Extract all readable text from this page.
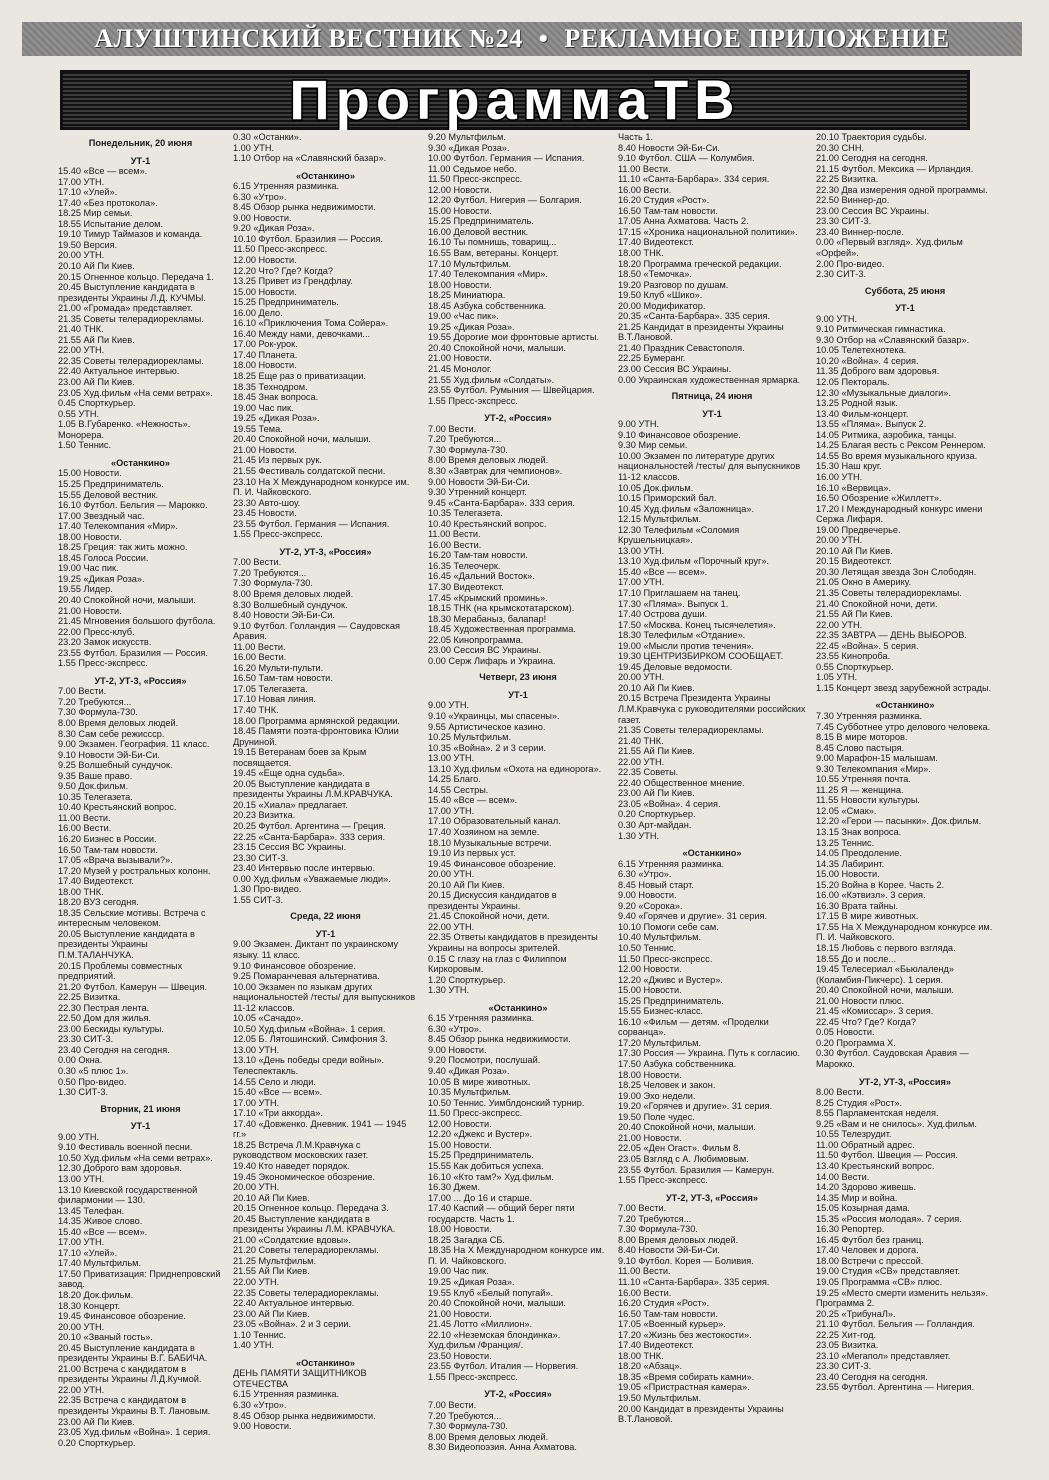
АЛУШТИНСКИЙ ВЕСТНИК №24 • РЕКЛАМНОЕ ПРИЛОЖЕНИЕ
ПрограммаТВ
Понедельник, 20 июня
УТ-1
15.40 «Все — всем».
17.00 УТН.
17.10 «Улей».
17.40 «Без протокола».
18.25 Мир семьи.
18.55 Испытание делом.
19.10 Тимур Таймазов и команда.
19.50 Версия.
20.00 УТН.
20.10 Ай Пи Киев.
20.15 Огненное кольцо. Передача 1.
20.45 Выступление кандидата в президенты Украины Л.Д. КУЧМЫ.
21.00 «Громада» представляет.
21.35 Советы телерадиорекламы.
21.40 ТНК.
21.55 Ай Пи Киев.
22.00 УТН.
22.35 Советы телерадиорекламы.
22.40 Актуальное интервью.
23.00 Ай Пи Киев.
23.05 Худ.фильм «На семи ветрах».
0.45 Спорткурьер.
0.55 УТН.
1.05 В.Губаренко. «Нежность». Монорера.
1.50 Теннис.
«Останкино»
15.00 Новости.
15.25 Предприниматель.
15.55 Деловой вестник.
16.10 Футбол. Бельгия — Марокко.
17.00 Звездный час.
17.40 Телекомпания «Мир».
18.00 Новости.
18.25 Греция: так жить можно.
18.45 Голоса России.
19.00 Час пик.
19.25 «Дикая Роза».
19.55 Лидер.
20.40 Спокойной ночи, малыши.
21.00 Новости.
21.45 Мгновения большого футбола.
22.00 Пресс-клуб.
23.20 Замок искусств.
23.55 Футбол. Бразилия — Россия.
1.55 Пресс-экспресс.
УТ-2, УТ-3, «Россия»
7.00 Вести.
7.20 Требуются...
7.30 Формула-730.
8.00 Время деловых людей.
8.30 Сам себе режиссср.
9.00 Экзамен. География. 11 класс.
9.10 Новости Эй-Би-Си.
9.25 Волшебный сундучок.
9.35 Ваше право.
9.50 Док.фильм.
10.35 Телегазета.
10.40 Крестьянский вопрос.
11.00 Вести.
16.00 Вести.
16.20 Бизнес в России.
16.50 Там-там новости.
17.05 «Врача вызывали?».
17.20 Музей у ростральных колонн.
17.40 Видеотекст.
18.00 ТНК.
18.20 ВУЗ сегодня.
18.35 Сельские мотивы. Встреча с интересным человеком.
20.05 Выступление кандидата в президенты Украины П.М.ТАЛАНЧУКА.
20.15 Проблемы совместных предприятий.
21.20 Футбол. Камерун — Швеция.
22.25 Визитка.
22.30 Пестрая лента.
22.50 Дом для жилья.
23.00 Бескиды культуры.
23.30 СИТ-3.
23.40 Сегодня на сегодня.
0.00 Окна.
0.30 «5 плюс 1».
0.50 Про-видео.
1.30 СИТ-3.
Вторник, 21 июня
УТ-1
9.00 УТН.
9.10 Фестиваль военной песни.
10.50 Худ.фильм «На семи ветрах».
12.30 Доброго вам здоровья.
13.00 УТН.
13.10 Киевской государственной филармонии — 130.
13.45 Телефан.
14.35 Живое слово.
15.40 «Все — всем».
17.00 УТН.
17.10 «Улей».
17.40 Мультфильм.
17.50 Приватизация: Приднепровский завод.
18.20 Док.фильм.
18.30 Концерт.
19.45 Финансовое обозрение.
20.00 УТН.
20.10 «Званый гость».
20.45 Выступление кандидата в президенты Украины В.Г. БАБИЧА.
21.00 Встреча с кандидатом в президенты Украины Л.Д.Кучмой.
22.00 УТН.
22.35 Встреча с кандидатом в президенты Украины В.Т. Лановым.
23.00 Ай Пи Киев.
23.05 Худ.фильм «Война». 1 серия.
0.20 Спорткурьер.
0.30 «Останки».
1.00 УТН.
1.10 Отбор на «Славянский базар».
«Останкино»
6.15 Утренняя разминка.
6.30 «Утро».
8.45 Обзор рынка недвижимости.
9.00 Новости.
9.20 «Дикая Роза».
10.10 Футбол. Бразилия — Россия.
11.50 Пресс-экспресс.
12.00 Новости.
12.20 Что? Где? Когда?
13.25 Привет из Грендфлау.
15.00 Новости.
15.25 Предприниматель.
16.00 Дело.
16.10 «Приключения Тома Сойера».
16.40 Между нами, девочками...
17.00 Рок-урок.
17.40 Планета.
18.00 Новости.
18.25 Еще раз о приватизации.
18.35 Технодром.
18.45 Знак вопроса.
19.00 Час пик.
19.25 «Дикая Роза».
19.55 Тема.
20.40 Спокойной ночи, малыши.
21.00 Новости.
21.45 Из первых рук.
21.55 Фестиваль солдатской песни.
23.10 На X Международном конкурсе им. П. И. Чайковского.
23.30 Авто-шоу.
23.45 Новости.
23.55 Футбол. Германия — Испания.
1.55 Пресс-экспресс.
УТ-2, УТ-3, «Россия»
7.00 Вести.
7.20 Требуются...
7.30 Формула-730.
8.00 Время деловых людей.
8.30 Волшебный сундучок.
8.40 Новости Эй-Би-Си.
9.10 Футбол. Голландия — Саудовская Аравия.
11.00 Вести.
16.00 Вести.
16.20 Мульти-пульти.
16.50 Там-там новости.
17.05 Телегазета.
17.10 Новая линия.
17.40 ТНК.
18.00 Программа армянской редакции.
18.45 Памяти поэта-фронтовика Юлии Друниной.
19.15 Ветеранам боев за Крым посвящается.
19.45 «Еще одна судьба».
20.05 Выступление кандидата в президенты Украины Л.М.КРАВЧУКА.
20.15 «Хиала» предлагает.
20.23 Визитка.
20.25 Футбол. Аргентина — Греция.
22.25 «Санта-Барбара». 333 серия.
23.15 Сессия ВС Украины.
23.30 СИТ-3.
23.40 Интервью после интервью.
0.00 Худ.фильм «Уважаемые люди».
1.30 Про-видео.
1.55 СИТ-3.
Среда, 22 июня
УТ-1
9.00 Экзамен. Диктант по украинскому языку. 11 класс.
9.10 Финансовое обозрение.
9.25 Помаранчевая альтернатива.
10.00 Экзамен по языкам других национальностей /тесты/ для выпускников 11-12 классов.
10.05 «Сачадо».
10.50 Худ.фильм «Война». 1 серия.
12.05 Б. Лятошинский. Симфония 3.
13.00 УТН.
13.10 «День победы среди войны». Телеспектакль.
14.55 Село и люди.
15.40 «Все — всем».
17.00 УТН.
17.10 «Три аккорда».
17.40 «Довженко. Дневник. 1941 — 1945 гг.»
18.25 Встреча Л.М.Кравчука с руководством московских газет.
19.40 Кто наведет порядок.
19.45 Экономическое обозрение.
20.00 УТН.
20.10 Ай Пи Киев.
20.15 Огненное кольцо. Передача 3.
20.45 Выступление кандидата в президенты Украины Л.М. КРАВЧУКА.
21.00 «Солдатские вдовы».
21.20 Советы телерадиорекламы.
21.25 Мультфильм.
21.55 Ай Пи Киев.
22.00 УТН.
22.35 Советы телерадиорекламы.
22.40 Актуальное интервью.
23.00 Ай Пи Киев.
23.05 «Война». 2 и 3 серии.
1.10 Теннис.
1.40 УТН.
«Останкино»
ДЕНЬ ПАМЯТИ ЗАЩИТНИКОВ ОТЕЧЕСТВА
6.15 Утренняя разминка.
6.30 «Утро».
8.45 Обзор рынка недвижимости.
9.00 Новости.
9.20 Мультфильм.
9.30 «Дикая Роза».
10.00 Футбол. Германия — Испания.
11.00 Седьмое небо.
11.50 Пресс-экспресс.
12.00 Новости.
12.20 Футбол. Нигерия — Болгария.
15.00 Новости.
15.25 Предприниматель.
16.00 Деловой вестник.
16.10 Ты помнишь, товарищ...
16.55 Вам, ветераны. Концерт.
17.10 Мультфильм.
17.40 Телекомпания «Мир».
18.00 Новости.
18.25 Миниатюра.
18.45 Азбука собственника.
19.00 «Час пик».
19.25 «Дикая Роза».
19.55 Дорогие мои фронтовые артисты.
20.40 Спокойной ночи, малыши.
21.00 Новости.
21.45 Монолог.
21.55 Худ.фильм «Солдаты».
23.55 Футбол. Румыния — Швейцария.
1.55 Пресс-экспресс.
УТ-2, «Россия»
7.00 Вести.
7.20 Требуются...
7.30 Формула-730.
8.00 Время деловых людей.
8.30 «Завтрак для чемпионов».
9.00 Новости Эй-Би-Си.
9.30 Утренний концерт.
9.45 «Санта-Барбара». 333 серия.
10.35 Телегазета.
10.40 Крестьянский вопрос.
11.00 Вести.
16.00 Вести.
16.20 Там-там новости.
16.35 Телеочерк.
16.45 «Дальний Восток».
17.30 Видеотекст.
17.45 «Крымский проминь».
18.15 ТНК (на крымскотатарском).
18.30 Мерабаныз, балапар!
18.45 Художественная программа.
22.05 Кинопрограмма.
23.00 Сессия ВС Украины.
0.00 Серж Лифарь и Украина.
Четверг, 23 июня
УТ-1
9.00 УТН.
9.10 «Украинцы, мы спасены».
9.55 Артистическое казино.
10.25 Мультфильм.
10.35 «Война». 2 и 3 серии.
13.00 УТН.
13.10 Худ.фильм «Охота на единорога».
14.25 Благо.
14.55 Сестры.
15.40 «Все — всем».
17.00 УТН.
17.10 Образовательный канал.
17.40 Хозяином на земле.
18.10 Музыкальные встречи.
19.10 Из первых уст.
19.45 Финансовое обозрение.
20.00 УТН.
20.10 Ай Пи Киев.
20.15 Дискуссия кандидатов в президенты Украины.
21.45 Спокойной ночи, дети.
22.00 УТН.
22.35 Ответы кандидатов в президенты Украины на вопросы зрителей.
0.15 С глазу на глаз с Филиппом Киркоровым.
1.20 Спорткурьер.
1.30 УТН.
«Останкино»
6.15 Утренняя разминка.
6.30 «Утро».
8.45 Обзор рынка недвижимости.
9.00 Новости.
9.20 Посмотри, послушай.
9.40 «Дикая Роза».
10.05 В мире животных.
10.35 Мультфильм.
10.50 Теннис. Уимблдонский турнир.
11.50 Пресс-экспресс.
12.00 Новости.
12.20 «Джекс и Вустер».
15.00 Новости.
15.25 Предприниматель.
15.55 Как добиться успеха.
16.10 «Кто там?» Худ.фильм.
16.30 Джем.
17.00 ... До 16 и старше.
17.40 Каспий — общий берег пяти государств. Часть 1.
18.00 Новости.
18.25 Загадка СБ.
18.35 На X Международном конкурсе им. П. И. Чайковского.
19.00 Час пик.
19.25 «Дикая Роза».
19.55 Клуб «Белый попугай».
20.40 Спокойной ночи, малыши.
21.00 Новости.
21.45 Лотто «Миллион».
22.10 «Неземская блондинка». Худ.фильм /Франция/.
23.50 Новости.
23.55 Футбол. Италия — Норвегия.
1.55 Пресс-экспресс.
УТ-2, «Россия»
7.00 Вести.
7.20 Требуются...
7.30 Формула-730.
8.00 Время деловых людей.
8.30 Видеопоэзия. Анна Ахматова.
Часть 1.
8.40 Новости Эй-Би-Си.
9.10 Футбол. США — Колумбия.
11.00 Вести.
11.10 «Санта-Барбара». 334 серия.
16.00 Вести.
16.20 Студия «Рост».
16.50 Там-там новости.
17.05 Анна Ахматова. Часть 2.
17.15 «Хроника национальной политики».
17.40 Видеотекст.
18.00 ТНК.
18.20 Программа греческой редакции.
18.50 «Темочка».
19.20 Разговор по душам.
19.50 Клуб «Шико».
20.00 Модификатор.
20.35 «Санта-Барбара». 335 серия.
21.25 Кандидат в президенты Украины В.Т.Лановой.
21.40 Праздник Севастополя.
22.25 Бумеранг.
23.00 Сессия ВС Украины.
0.00 Украинская художественная ярмарка.
Пятница, 24 июня
УТ-1
9.00 УТН.
9.10 Финансовое обозрение.
9.30 Мир семьи.
10.00 Экзамен по литературе других национальностей /тесты/ для выпускников 11-12 классов.
10.05 Док.фильм.
10.15 Приморский бал.
10.45 Худ.фильм «Заложница».
12.15 Мультфильм.
12.30 Телефильм «Соломия Крушельницкая».
13.00 УТН.
13.10 Худ.фильм «Порочный круг».
15.40 «Все — всем».
17.00 УТН.
17.10 Приглашаем на танец.
17.30 «Пляма». Выпуск 1.
17.40 Острова души.
17.50 «Москва. Конец тысячелетия».
18.30 Телефильм «Отдание».
19.00 «Мысли против течения».
19.30 ЦЕНТРИЗБИРКОМ СООБЩАЕТ.
19.45 Деловые ведомости.
20.00 УТН.
20.10 Ай Пи Киев.
20.15 Встреча Президента Украины Л.М.Кравчука с руководителями российских газет.
21.35 Советы телерадиорекламы.
21.40 ТНК.
21.55 Ай Пи Киев.
22.00 УТН.
22.35 Советы.
22.40 Общественное мнение.
23.00 Ай Пи Киев.
23.05 «Война». 4 серия.
0.20 Спорткурьер.
0.30 Арт-майдан.
1.30 УТН.
«Останкино»
6.15 Утренняя разминка.
6.30 «Утро».
8.45 Новый старт.
9.00 Новости.
9.20 «Сорока».
9.40 «Горячев и другие». 31 серия.
10.10 Помоги себе сам.
10.40 Мультфильм.
10.50 Теннис.
11.50 Пресс-экспресс.
12.00 Новости.
12.20 «Дживс и Вустер».
15.00 Новости.
15.25 Предприниматель.
15.55 Бизнес-класс.
16.10 «Фильм — детям. «Проделки сорванца».
17.20 Мультфильм.
17.30 Россия — Украина. Путь к согласию.
17.50 Азбука собственника.
18.00 Новости.
18.25 Человек и закон.
19.00 Эхо недели.
19.20 «Горячев и другие». 31 серия.
19.50 Поле чудес.
20.40 Спокойной ночи, малыши.
21.00 Новости.
22.05 «Ден Огаст». Фильм 8.
23.05 Взгляд с А. Любимовым.
23.55 Футбол. Бразилия — Камерун.
1.55 Пресс-экспресс.
УТ-2, УТ-3, «Россия»
7.00 Вести.
7.20 Требуются...
7.30 Формула-730.
8.00 Время деловых людей.
8.40 Новости Эй-Би-Си.
9.10 Футбол. Корея — Боливия.
11.00 Вести.
11.10 «Санта-Барбара». 335 серия.
16.00 Вести.
16.20 Студия «Рост».
16.50 Там-там новости.
17.05 «Военный курьер».
17.20 «Жизнь без жестокости».
17.40 Видеотекст.
18.00 ТНК.
18.20 «Абзац».
18.35 «Время собирать камни».
19.05 «Пристрастная камера».
19.50 Мультфильм.
20.00 Кандидат в президенты Украины В.Т.Лановой.
20.10 Траектория судьбы.
20.30 СНН.
21.00 Сегодня на сегодня.
21.15 Футбол. Мексика — Ирландия.
22.25 Визитка.
22.30 Два измерения одной программы.
22.50 Виннер-до.
23.00 Сессия ВС Украины.
23.30 СИТ-3.
23.40 Виннер-после.
0.00 «Первый взгляд». Худ.фильм «Орфей».
2.00 Про-видео.
2.30 СИТ-3.
Суббота, 25 июня
УТ-1
9.00 УТН.
9.10 Ритмическая гимнастика.
9.30 Отбор на «Славянский базар».
10.05 Телетехнотека.
10.20 «Война». 4 серия.
11.35 Доброго вам здоровья.
12.05 Пектораль.
12.30 «Музыкальные диалоги».
13.25 Родной язык.
13.40 Фильм-концерт.
13.55 «Пляма». Выпуск 2.
14.05 Ритмика, аэробика, танцы.
14.25 Благая весть с Рексом Реннером.
14.55 Во время музыкального круиза.
15.30 Наш круг.
16.00 УТН.
16.10 «Вервица».
16.50 Обозрение «Жиллетт».
17.20 I Международный конкурс имени Сержа Лифаря.
19.00 Предвечерье.
20.00 УТН.
20.10 Ай Пи Киев.
20.15 Видеотекст.
20.30 Летящая звезда Зон Слободян.
21.05 Окно в Америку.
21.35 Советы телерадиорекламы.
21.40 Спокойной ночи, дети.
21.55 Ай Пи Киев.
22.00 УТН.
22.35 ЗАВТРА — ДЕНЬ ВЫБОРОВ.
22.45 «Война». 5 серия.
23.55 Кинопроба.
0.55 Спорткурьер.
1.05 УТН.
1.15 Концерт звезд зарубежной эстрады.
«Останкино»
7.30 Утренняя разминка.
7.45 Субботнее утро делового человека.
8.15 В мире моторов.
8.45 Слово пастыря.
9.00 Марафон-15 малышам.
9.30 Телекомпания «Мир».
10.55 Утренняя почта.
11.25 Я — женщина.
11.55 Новости культуры.
12.05 «Смак».
12.20 «Герои — пасынки». Док.фильм.
13.15 Знак вопроса.
13.25 Теннис.
14.05 Преодоление.
14.35 Лабиринт.
15.00 Новости.
15.20 Война в Корее. Часть 2.
16.00 «Кэтвизл». 3 серия.
16.30 Врата тайны.
17.15 В мире животных.
17.55 На X Международном конкурсе им. П. И. Чайковского.
18.15 Любовь с первого взгляда.
18.55 До и после...
19.45 Телесериал «Бьюлаленд» (Коламбия-Пикчерс). 1 серия.
20.40 Спокойной ночи, малыши.
21.00 Новости плюс.
21.45 «Комиссар». 3 серия.
22.45 Что? Где? Когда?
0.05 Новости.
0.20 Программа Х.
0.30 Футбол. Саудовская Аравия — Марокко.
УТ-2, УТ-3, «Россия»
8.00 Вести.
8.25 Студия «Рост».
8.55 Парламентская неделя.
9.25 «Вам и не снилось». Худ.фильм.
10.55 Телезрудит.
11.00 Обратный адрес.
11.50 Футбол. Швеция — Россия.
13.40 Крестьянский вопрос.
14.00 Вести.
14.20 Здорово живешь.
14.35 Мир и война.
15.05 Козырная дама.
15.35 «Россия молодая». 7 серия.
16.30 Репортер.
16.45 Футбол без границ.
17.40 Человек и дорога.
18.00 Встречи с прессой.
19.00 Студия «СВ» представляет.
19.05 Программа «СВ» плюс.
19.25 «Место смерти изменить нельзя». Программа 2.
20.25 «ТрибунаЛ».
21.10 Футбол. Бельгия — Голландия.
22.25 Хит-год.
23.05 Визитка.
23.10 «Мегапол» представляет.
23.30 СИТ-3.
23.40 Сегодня на сегодня.
23.55 Футбол. Аргентина — Нигерия.
